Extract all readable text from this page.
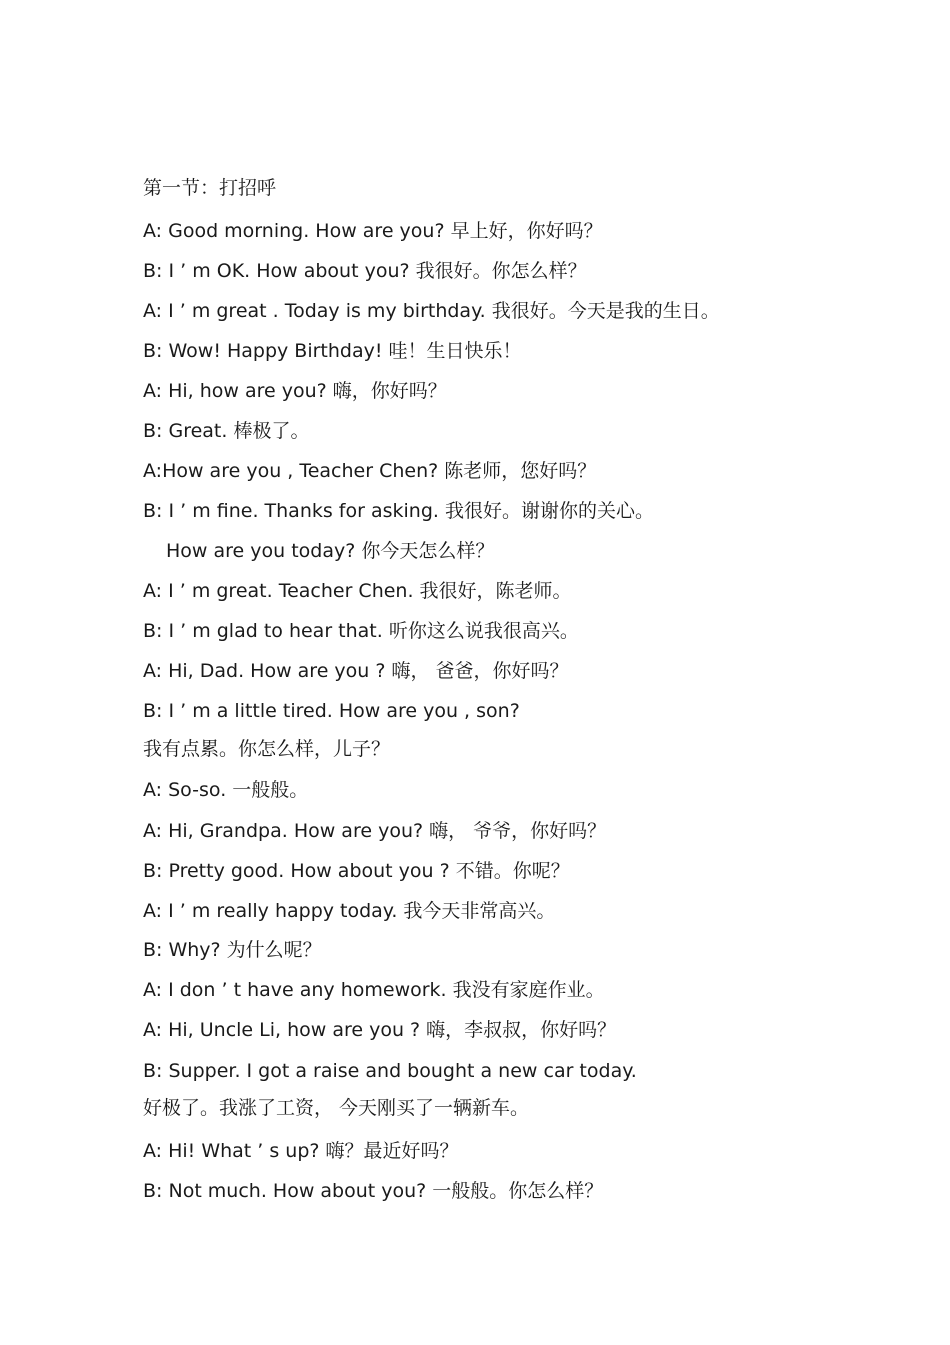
第一节：打招呼
A: Good morning. How are you? 早上好，你好吗？
B: I ’ m OK. How about you? 我很好。你怎么样？
A: I ’ m great . Today is my birthday. 我很好。今天是我的生日。
B: Wow! Happy Birthday! 哇！生日快乐！
A: Hi, how are you? 嗨，你好吗？
B: Great. 棒极了。
A:How are you , Teacher Chen? 陈老师，您好吗？
B: I ’ m fine. Thanks for asking. 我很好。谢谢你的关心。
How are you today? 你今天怎么样？
A: I ’ m great. Teacher Chen. 我很好，陈老师。
B: I ’ m glad to hear that. 听你这么说我很高兴。
A: Hi, Dad. How are you ? 嗨， 爸爸，你好吗？
B: I ’ m a little tired. How are you , son?
我有点累。你怎么样，儿子？
A: So-so. 一般般。
A: Hi, Grandpa. How are you? 嗨， 爷爷，你好吗？
B: Pretty good. How about you ? 不错。你呢？
A: I ’ m really happy today. 我今天非常高兴。
B: Why? 为什么呢？
A: I don ’ t have any homework. 我没有家庭作业。
A: Hi, Uncle Li, how are you ? 嗨，李叔叔，你好吗？
B: Supper. I got a raise and bought a new car today.
好极了。我涨了工资， 今天刚买了一辆新车。
A: Hi! What ’ s up? 嗨？最近好吗？
B: Not much. How about you? 一般般。你怎么样？
